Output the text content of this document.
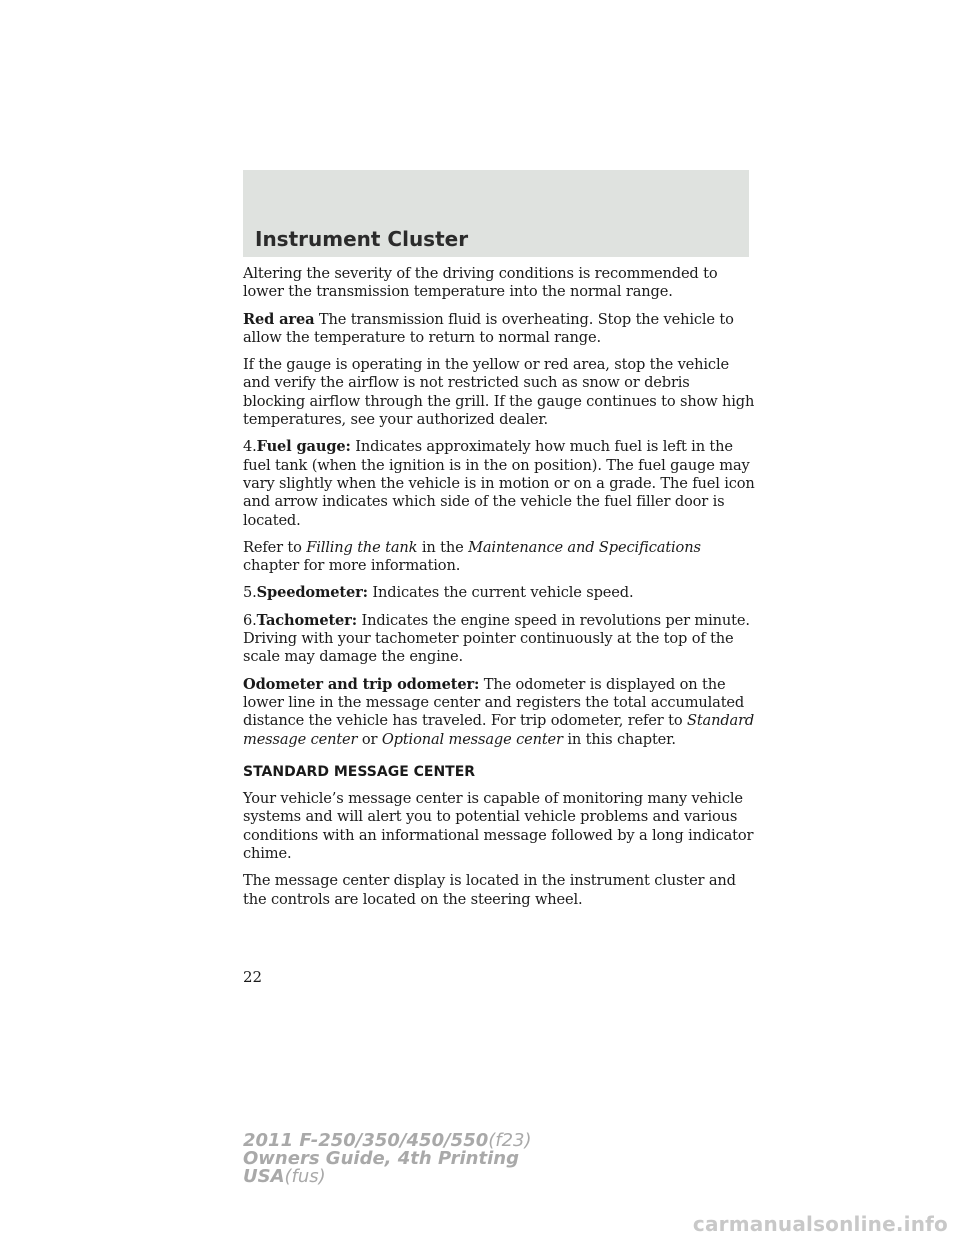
Instrument Cluster

Altering the severity of the driving conditions is recommended to lower the transmission temperature into the normal range.

Red area The transmission fluid is overheating. Stop the vehicle to allow the temperature to return to normal range.

If the gauge is operating in the yellow or red area, stop the vehicle and verify the airflow is not restricted such as snow or debris blocking airflow through the grill. If the gauge continues to show high temperatures, see your authorized dealer.

4.Fuel gauge: Indicates approximately how much fuel is left in the fuel tank (when the ignition is in the on position). The fuel gauge may vary slightly when the vehicle is in motion or on a grade. The fuel icon and arrow indicates which side of the vehicle the fuel filler door is located.

Refer to Filling the tank in the Maintenance and Specifications chapter for more information.

5.Speedometer: Indicates the current vehicle speed.

6.Tachometer: Indicates the engine speed in revolutions per minute. Driving with your tachometer pointer continuously at the top of the scale may damage the engine.

Odometer and trip odometer: The odometer is displayed on the lower line in the message center and registers the total accumulated distance the vehicle has traveled. For trip odometer, refer to Standard message center or Optional message center in this chapter.

STANDARD MESSAGE CENTER

Your vehicle’s message center is capable of monitoring many vehicle systems and will alert you to potential vehicle problems and various conditions with an informational message followed by a long indicator chime.

The message center display is located in the instrument cluster and the controls are located on the steering wheel.

22
2011 F-250/350/450/550(f23)
Owners Guide, 4th Printing
USA(fus)
carmanualsonline.info
